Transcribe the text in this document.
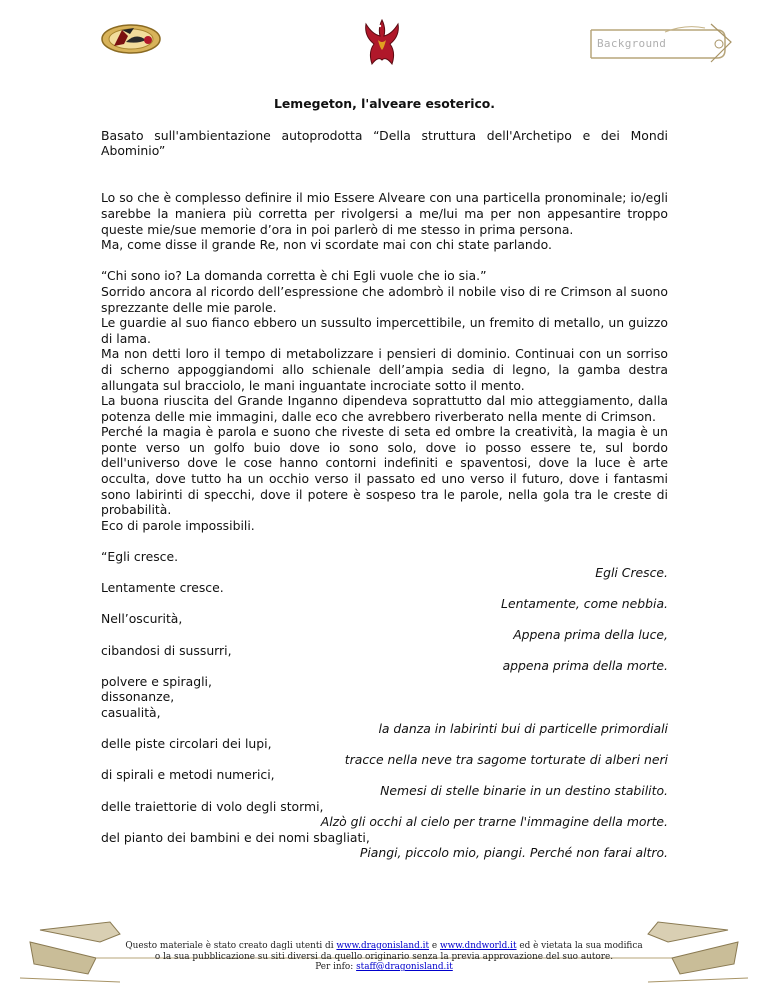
Background
Lemegeton, l'alveare esoterico.

Basato sull'ambientazione autoprodotta “Della struttura dell'Archetipo e dei Mondi Abominio”

Lo so che è complesso definire il mio Essere Alveare con una particella pronominale; io/egli sarebbe la maniera più corretta per rivolgersi a me/lui ma per non appesantire troppo queste mie/sue memorie d’ora in poi parlerò di me stesso in prima persona.

Ma, come disse il grande Re, non vi scordate mai con chi state parlando.

“Chi sono io? La domanda corretta è chi Egli vuole che io sia.”

Sorrido ancora al ricordo dell’espressione che adombrò il nobile viso di re Crimson al suono sprezzante delle mie parole.

Le guardie al suo fianco ebbero un sussulto impercettibile, un fremito di metallo, un guizzo di lama.

Ma non detti loro il tempo di metabolizzare i pensieri di dominio. Continuai con un sorriso di scherno appoggiandomi allo schienale dell’ampia sedia di legno, la gamba destra allungata sul bracciolo, le mani inguantate incrociate sotto il mento.

La buona riuscita del Grande Inganno dipendeva soprattutto dal mio atteggiamento, dalla potenza delle mie immagini, dalle eco che avrebbero riverberato nella mente di Crimson.

Perché la magia è parola e suono che riveste di seta ed ombre la creatività, la magia è un ponte verso un golfo buio dove io sono solo, dove io posso essere te, sul bordo dell'universo dove le cose hanno contorni indefiniti e spaventosi, dove la luce è arte occulta, dove tutto ha un occhio verso il passato ed uno verso il futuro, dove i fantasmi sono labirinti di specchi, dove il potere è sospeso tra le parole, nella gola tra le creste di probabilità.

Eco di parole impossibili.

“Egli cresce.

Egli Cresce.

Lentamente cresce.

Lentamente, come nebbia.

Nell’oscurità,

Appena prima della luce,

cibandosi di sussurri,

appena prima della morte.

polvere e spiragli,

dissonanze,

casualità,

la danza in labirinti bui di particelle primordiali

delle piste circolari dei lupi,

tracce nella neve tra sagome torturate di alberi neri

di spirali e metodi numerici,

Nemesi di stelle binarie in un destino stabilito.

delle traiettorie di volo degli stormi,

Alzò gli occhi al cielo per trarne l'immagine della morte.

del pianto dei bambini e dei nomi sbagliati,

Piangi, piccolo mio, piangi. Perché non farai altro.

Questo materiale è stato creato dagli utenti di www.dragonisland.it e www.dndworld.it ed è vietata la sua modifica
o la sua pubblicazione su siti diversi da quello originario senza la previa approvazione del suo autore.
Per info: staff@dragonisland.it
